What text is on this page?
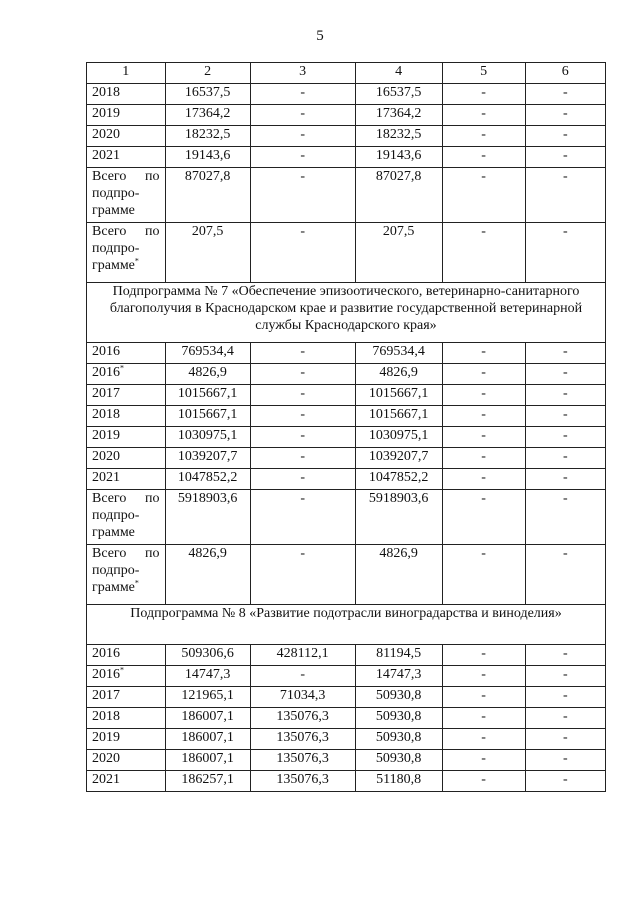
5
1	2	3	4	5	6
2018	16537,5	-	16537,5	-	-
2019	17364,2	-	17364,2	-	-
2020	18232,5	-	18232,5	-	-
2021	19143,6	-	19143,6	-	-
Всего по подпро-грамме	87027,8	-	87027,8	-	-
Всего по подпро-грамме*	207,5	-	207,5	-	-
Подпрограмма № 7 «Обеспечение эпизоотического, ветеринарно-санитарного благополучия в Краснодарском крае и развитие государственной ветеринарной службы Краснодарского края»					
2016	769534,4	-	769534,4	-	-
2016*	4826,9	-	4826,9	-	-
2017	1015667,1	-	1015667,1	-	-
2018	1015667,1	-	1015667,1	-	-
2019	1030975,1	-	1030975,1	-	-
2020	1039207,7	-	1039207,7	-	-
2021	1047852,2	-	1047852,2	-	-
Всего по подпро-грамме	5918903,6	-	5918903,6	-	-
Всего по подпро-грамме*	4826,9	-	4826,9	-	-
Подпрограмма № 8 «Развитие подотрасли виноградарства и виноделия»					
2016	509306,6	428112,1	81194,5	-	-
2016*	14747,3	-	14747,3	-	-
2017	121965,1	71034,3	50930,8	-	-
2018	186007,1	135076,3	50930,8	-	-
2019	186007,1	135076,3	50930,8	-	-
2020	186007,1	135076,3	50930,8	-	-
2021	186257,1	135076,3	51180,8	-	-
